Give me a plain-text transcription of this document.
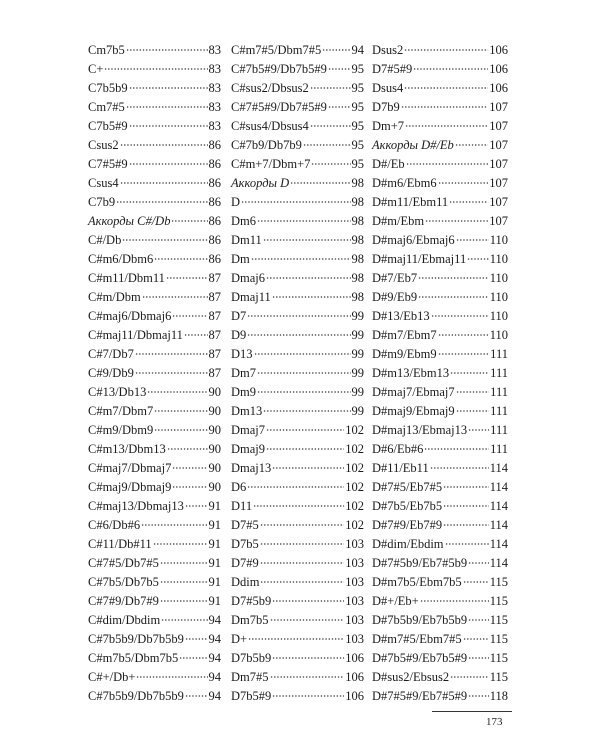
Cm7b5	83
C+	83
C7b5b9	83
Cm7#5	83
C7b5#9	83
Csus2	86
C7#5#9	86
Csus4	86
C7b9	86
Аккорды C#/Db	86
C#/Db	86
C#m6/Dbm6	86
C#m11/Dbm11	87
C#m/Dbm	87
C#maj6/Dbmaj6	87
C#maj11/Dbmaj11 87
C#7/Db7	87
C#9/Db9	87
C#13/Db13	90
C#m7/Dbm7	90
C#m9/Dbm9	90
C#m13/Dbm13	90
C#maj7/Dbmaj7	90
C#maj9/Dbmaj9	90
C#maj13/Dbmaj13 91
C#6/Db#6	91
C#11/Db#11	91
C#7#5/Db7#5	91
C#7b5/Db7b5	91
C#7#9/Db7#9	91
C#dim/Dbdim	94
C#7b5b9/Db7b5b9 94
C#m7b5/Dbm7b5 94
C#+/Db+	94
C#7b5b9/Db7b5b9 94
C#m7#5/Dbm7#5 94
C#7b5#9/Db7b5#9 95
C#sus2/Dbsus2	95
C#7#5#9/Db7#5#9 95
C#sus4/Dbsus4	95
C#7b9/Db7b9	95
C#m+7/Dbm+7	95
Аккорды D	98
D	98
Dm6	98
Dm11	98
Dm	98
Dmaj6	98
Dmaj11	98
D7	99
D9	99
D13	99
Dm7	99
Dm9	99
Dm13	99
Dmaj7	102
Dmaj9	102
Dmaj13	102
D6	102
D11	102
D7#5	102
D7b5	103
D7#9	103
Ddim	103
D7#5b9	103
Dm7b5	103
D+	103
D7b5b9	106
Dm7#5	106
D7b5#9	106
Dsus2	106
D7#5#9	106
Dsus4	106
D7b9	107
Dm+7	107
Аккорды D#/Eb	107
D#/Eb	107
D#m6/Ebm6	107
D#m11/Ebm11	107
D#m/Ebm	107
D#maj6/Ebmaj6	110
D#maj11/Ebmaj11 110
D#7/Eb7	110
D#9/Eb9	110
D#13/Eb13	110
D#m7/Ebm7	110
D#m9/Ebm9	111
D#m13/Ebm13	111
D#maj7/Ebmaj7	111
D#maj9/Ebmaj9	111
D#maj13/Ebmaj13 111
D#6/Eb#6	111
D#11/Eb11	114
D#7#5/Eb7#5	114
D#7b5/Eb7b5	114
D#7#9/Eb7#9	114
D#dim/Ebdim	114
D#7#5b9/Eb7#5b9 114
D#m7b5/Ebm7b5 115
D#+/Eb+	115
D#7b5b9/Eb7b5b9 115
D#m7#5/Ebm7#5 115
D#7b5#9/Eb7b5#9 115
D#sus2/Ebsus2	115
D#7#5#9/Eb7#5#9 118
173
